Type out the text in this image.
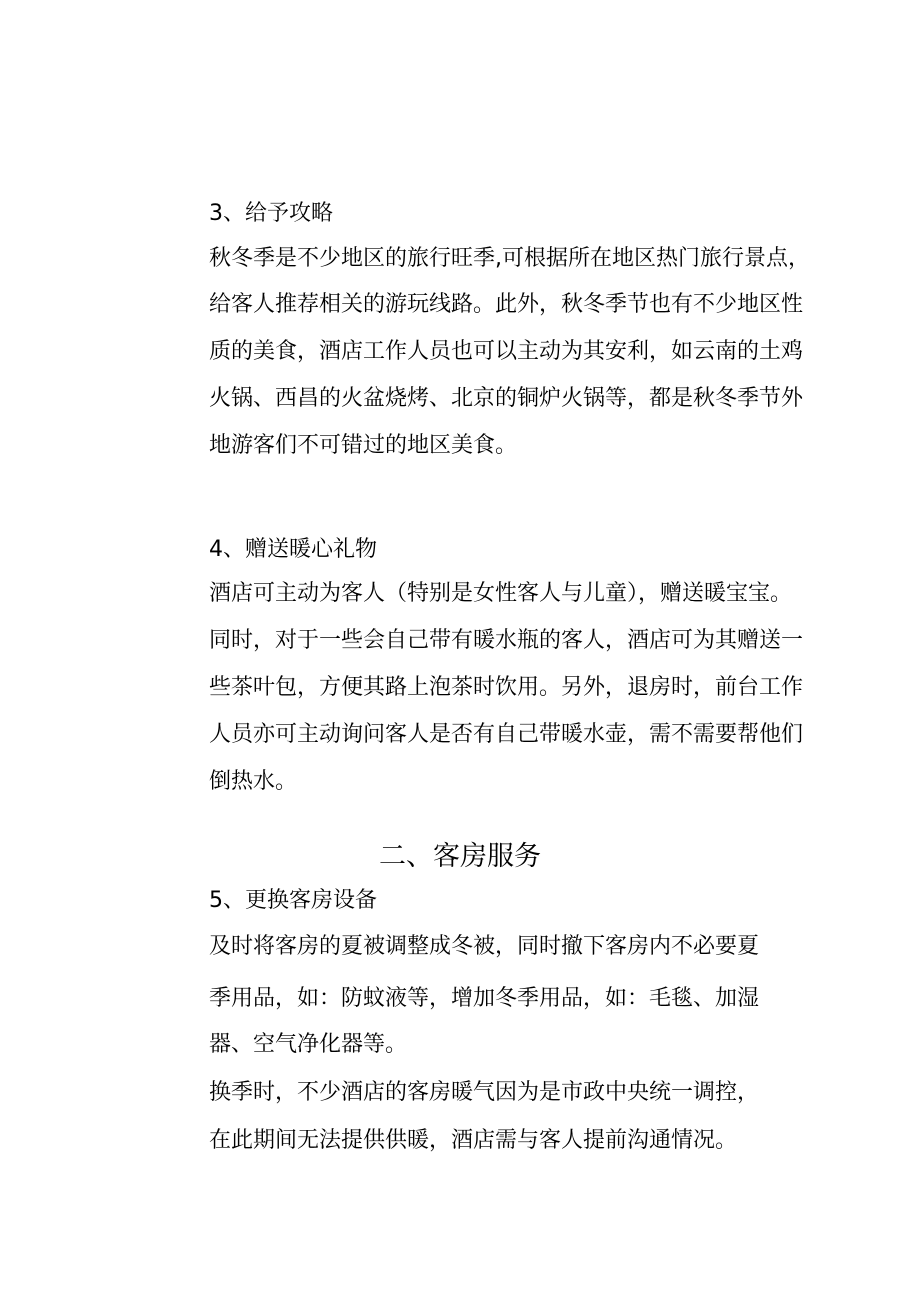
3、给予攻略
秋冬季是不少地区的旅行旺季,可根据所在地区热门旅行景点，
给客人推荐相关的游玩线路。此外，秋冬季节也有不少地区性
质的美食，酒店工作人员也可以主动为其安利，如云南的土鸡
火锅、西昌的火盆烧烤、北京的铜炉火锅等，都是秋冬季节外
地游客们不可错过的地区美食。
4、赠送暖心礼物
酒店可主动为客人（特别是女性客人与儿童），赠送暖宝宝。
同时，对于一些会自己带有暖水瓶的客人，酒店可为其赠送一
些茶叶包，方便其路上泡茶时饮用。另外，退房时，前台工作
人员亦可主动询问客人是否有自己带暖水壶，需不需要帮他们
倒热水。
二、客房服务
5、更换客房设备
及时将客房的夏被调整成冬被，同时撤下客房内不必要夏
季用品，如：防蚊液等，增加冬季用品，如：毛毯、加湿
器、空气净化器等。
换季时，不少酒店的客房暖气因为是市政中央统一调控，
在此期间无法提供供暖，酒店需与客人提前沟通情况。
